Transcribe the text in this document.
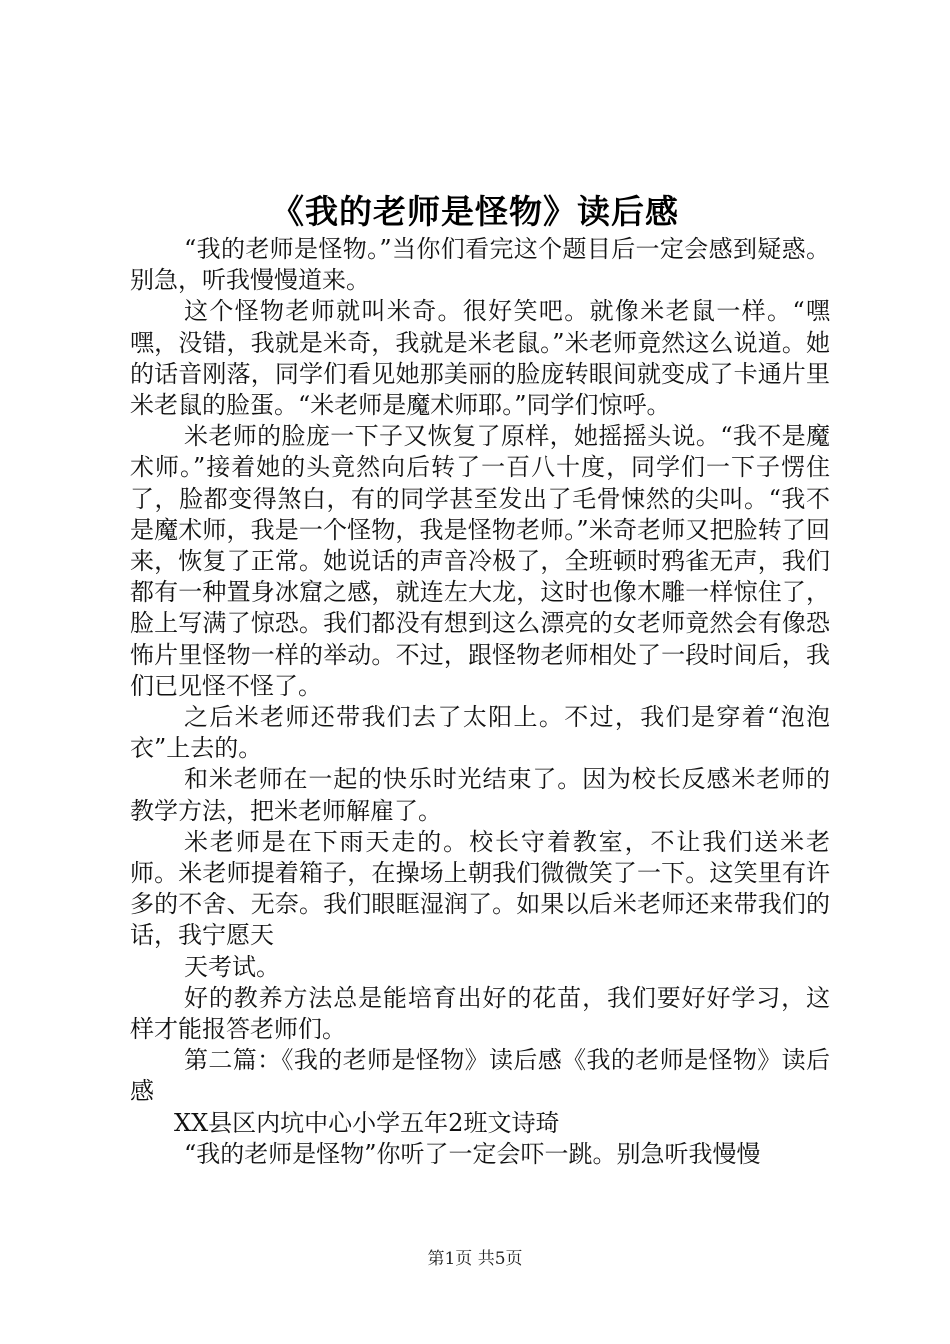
《我的老师是怪物》读后感

“我的老师是怪物。”当你们看完这个题目后一定会感到疑惑。别急，听我慢慢道来。

这个怪物老师就叫米奇。很好笑吧。就像米老鼠一样。“嘿嘿，没错，我就是米奇，我就是米老鼠。”米老师竟然这么说道。她的话音刚落，同学们看见她那美丽的脸庞转眼间就变成了卡通片里米老鼠的脸蛋。“米老师是魔术师耶。”同学们惊呼。

米老师的脸庞一下子又恢复了原样，她摇摇头说。“我不是魔术师。”接着她的头竟然向后转了一百八十度，同学们一下子愣住了，脸都变得煞白，有的同学甚至发出了毛骨悚然的尖叫。“我不是魔术师，我是一个怪物，我是怪物老师。”米奇老师又把脸转了回来，恢复了正常。她说话的声音冷极了，全班顿时鸦雀无声，我们都有一种置身冰窟之感，就连左大龙，这时也像木雕一样惊住了，脸上写满了惊恐。我们都没有想到这么漂亮的女老师竟然会有像恐怖片里怪物一样的举动。不过，跟怪物老师相处了一段时间后，我们已见怪不怪了。

之后米老师还带我们去了太阳上。不过，我们是穿着“泡泡衣”上去的。

和米老师在一起的快乐时光结束了。因为校长反感米老师的教学方法，把米老师解雇了。

米老师是在下雨天走的。校长守着教室，不让我们送米老师。米老师提着箱子，在操场上朝我们微微笑了一下。这笑里有许多的不舍、无奈。我们眼眶湿润了。如果以后米老师还来带我们的话，我宁愿天

天考试。

好的教养方法总是能培育出好的花苗，我们要好好学习，这样才能报答老师们。

第二篇：《我的老师是怪物》读后感《我的老师是怪物》读后感

XX县区内坑中心小学五年2班文诗琦

“我的老师是怪物”你听了一定会吓一跳。别急听我慢慢

第1页 共5页
